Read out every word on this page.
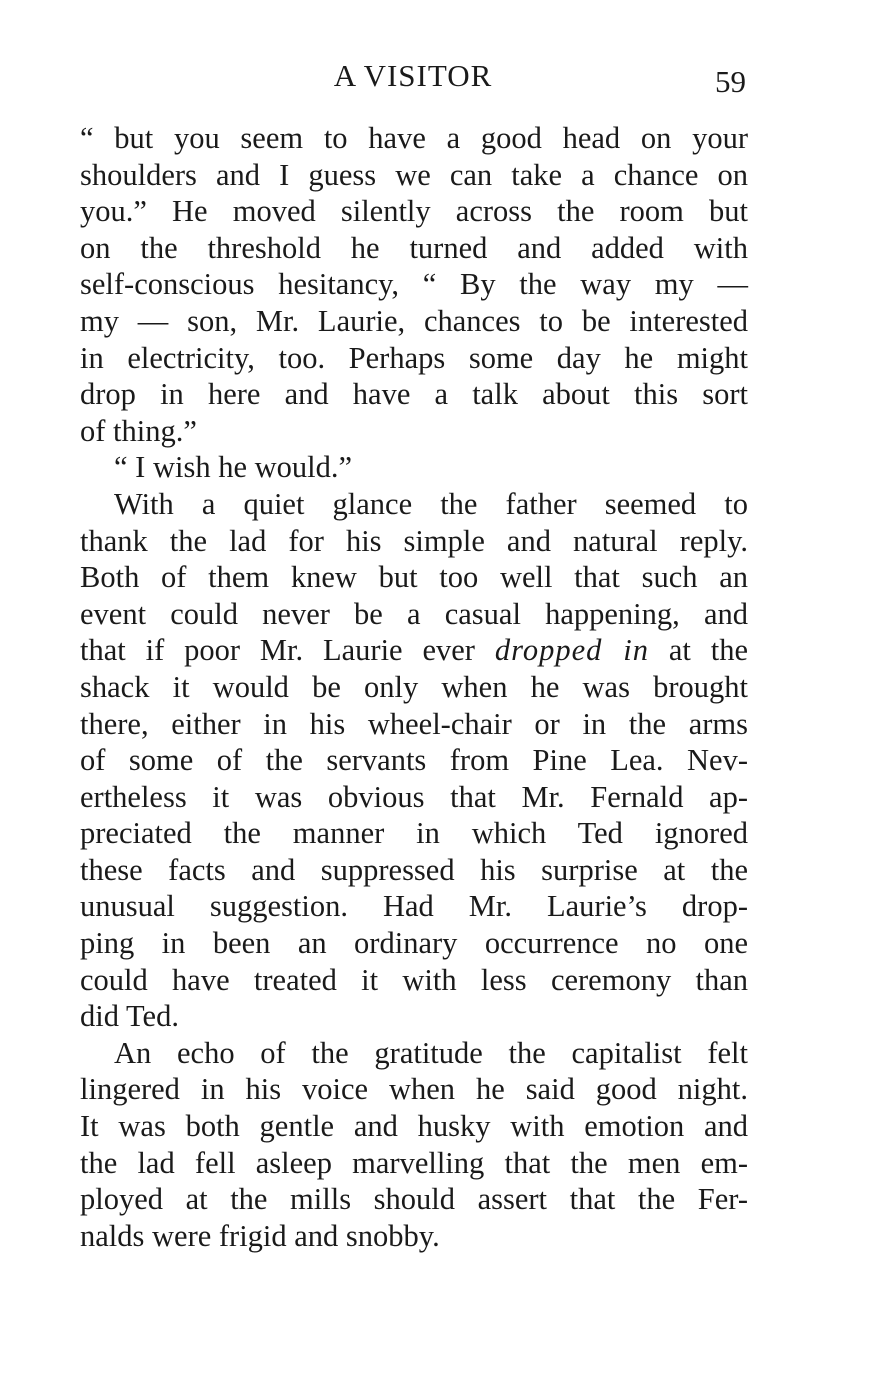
A VISITOR	59
“ but you seem to have a good head on your
shoulders and I guess we can take a chance on
you.” He moved silently across the room but
on the threshold he turned and added with
self-conscious hesitancy, “ By the way my —
my — son, Mr. Laurie, chances to be interested
in electricity, too. Perhaps some day he might
drop in here and have a talk about this sort
of thing.”
“ I wish he would.”
With a quiet glance the father seemed to
thank the lad for his simple and natural reply.
Both of them knew but too well that such an
event could never be a casual happening, and
that if poor Mr. Laurie ever dropped in at the
shack it would be only when he was brought
there, either in his wheel-chair or in the arms
of some of the servants from Pine Lea. Nev-
ertheless it was obvious that Mr. Fernald ap-
preciated the manner in which Ted ignored
these facts and suppressed his surprise at the
unusual suggestion. Had Mr. Laurie’s drop-
ping in been an ordinary occurrence no one
could have treated it with less ceremony than
did Ted.
An echo of the gratitude the capitalist felt
lingered in his voice when he said good night.
It was both gentle and husky with emotion and
the lad fell asleep marvelling that the men em-
ployed at the mills should assert that the Fer-
nalds were frigid and snobby.
